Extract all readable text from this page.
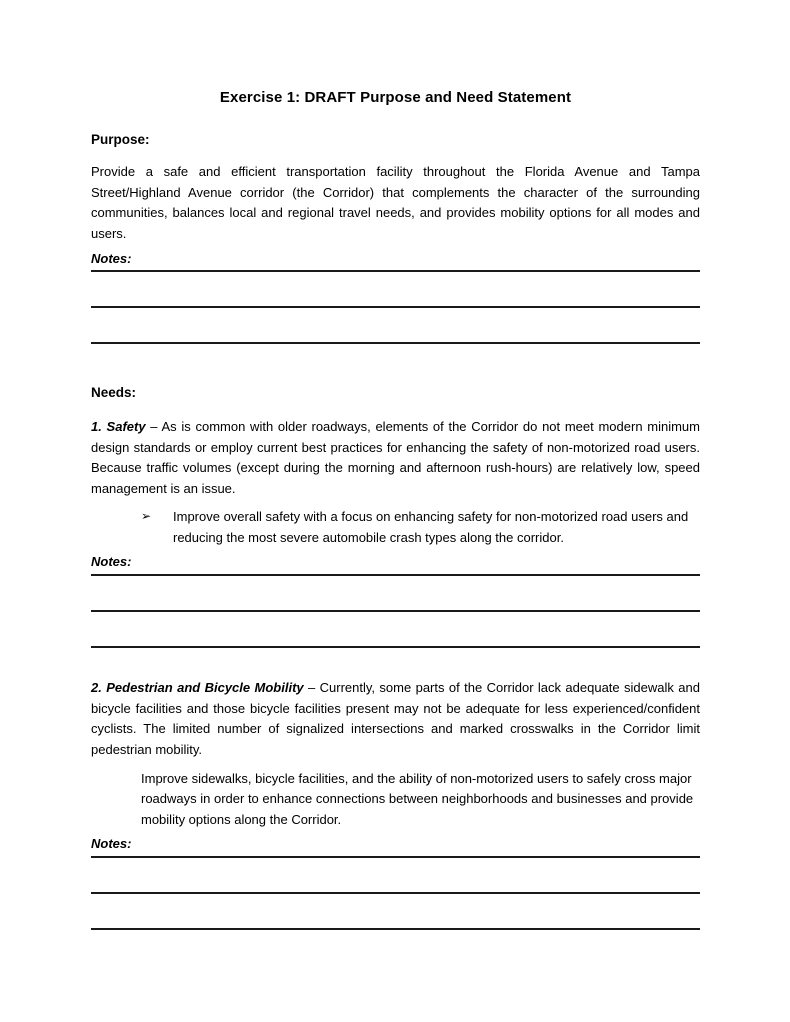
Exercise 1: DRAFT Purpose and Need Statement
Purpose:
Provide a safe and efficient transportation facility throughout the Florida Avenue and Tampa Street/Highland Avenue corridor (the Corridor) that complements the character of the surrounding communities, balances local and regional travel needs, and provides mobility options for all modes and users.
Notes:
Needs:
1. Safety – As is common with older roadways, elements of the Corridor do not meet modern minimum design standards or employ current best practices for enhancing the safety of non-motorized road users. Because traffic volumes (except during the morning and afternoon rush-hours) are relatively low, speed management is an issue.
➢	Improve overall safety with a focus on enhancing safety for non-motorized road users and reducing the most severe automobile crash types along the corridor.
Notes:
2. Pedestrian and Bicycle Mobility – Currently, some parts of the Corridor lack adequate sidewalk and bicycle facilities and those bicycle facilities present may not be adequate for less experienced/confident cyclists. The limited number of signalized intersections and marked crosswalks in the Corridor limit pedestrian mobility.
Improve sidewalks, bicycle facilities, and the ability of non-motorized users to safely cross major roadways in order to enhance connections between neighborhoods and businesses and provide mobility options along the Corridor.
Notes:
